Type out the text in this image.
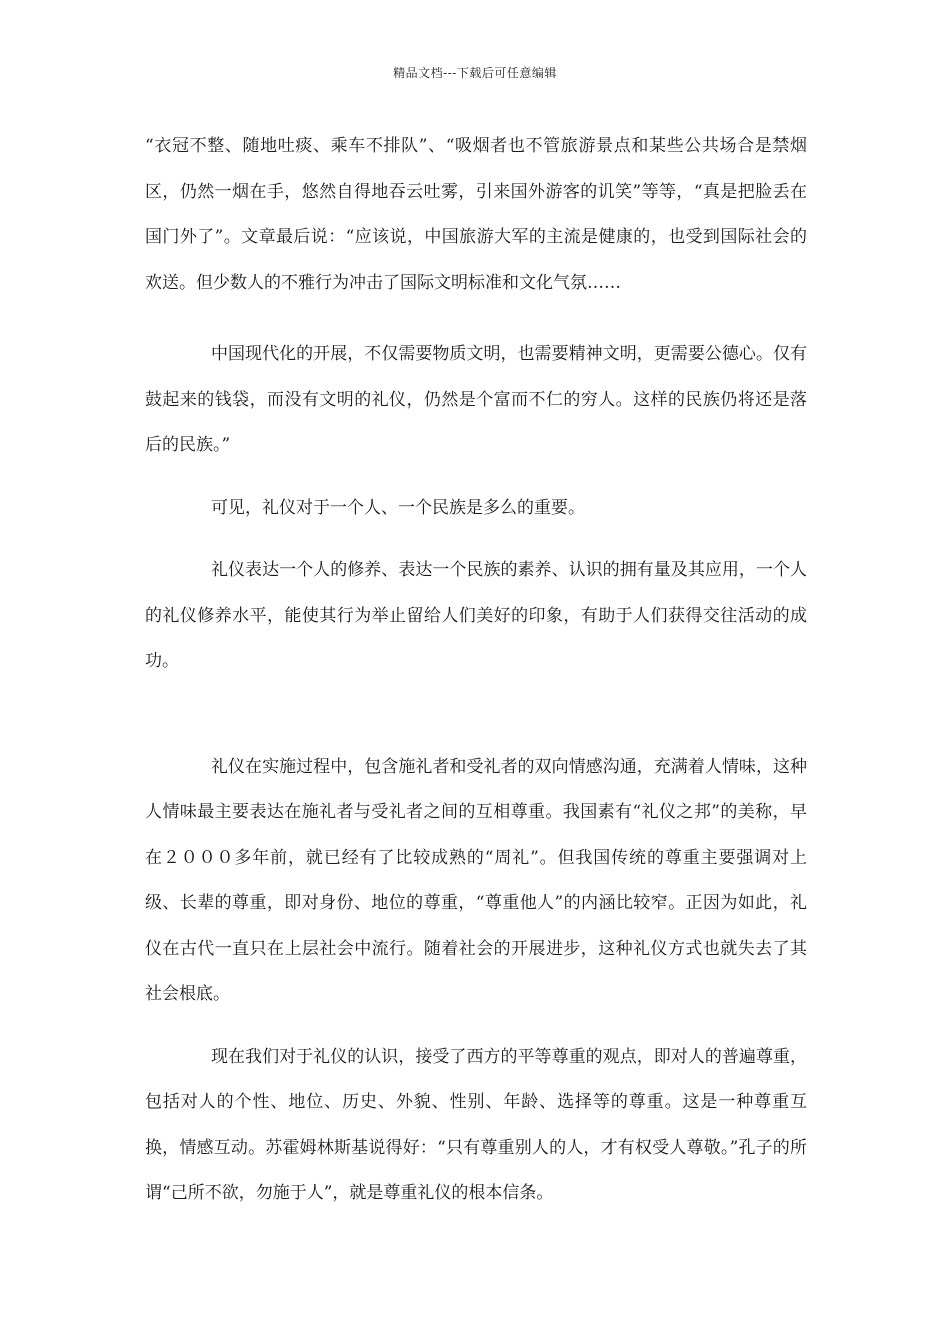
精品文档---下载后可任意编辑

“衣冠不整、随地吐痰、乘车不排队”、“吸烟者也不管旅游景点和某些公共场合是禁烟区，仍然一烟在手，悠然自得地吞云吐雾，引来国外游客的讥笑”等等，“真是把脸丢在国门外了”。文章最后说：“应该说，中国旅游大军的主流是健康的，也受到国际社会的欢送。但少数人的不雅行为冲击了国际文明标准和文化气氛……

中国现代化的开展，不仅需要物质文明，也需要精神文明，更需要公德心。仅有鼓起来的钱袋，而没有文明的礼仪，仍然是个富而不仁的穷人。这样的民族仍将还是落后的民族。”

可见，礼仪对于一个人、一个民族是多么的重要。

礼仪表达一个人的修养、表达一个民族的素养、认识的拥有量及其应用，一个人的礼仪修养水平，能使其行为举止留给人们美好的印象，有助于人们获得交往活动的成功。

礼仪在实施过程中，包含施礼者和受礼者的双向情感沟通，充满着人情味，这种人情味最主要表达在施礼者与受礼者之间的互相尊重。我国素有“礼仪之邦”的美称，早在２０００多年前，就已经有了比较成熟的“周礼”。但我国传统的尊重主要强调对上级、长辈的尊重，即对身份、地位的尊重，“尊重他人”的内涵比较窄。正因为如此，礼仪在古代一直只在上层社会中流行。随着社会的开展进步，这种礼仪方式也就失去了其社会根底。

现在我们对于礼仪的认识，接受了西方的平等尊重的观点，即对人的普遍尊重，包括对人的个性、地位、历史、外貌、性别、年龄、选择等的尊重。这是一种尊重互换，情感互动。苏霍姆林斯基说得好：“只有尊重别人的人，才有权受人尊敬。”孔子的所谓“己所不欲，勿施于人”，就是尊重礼仪的根本信条。
